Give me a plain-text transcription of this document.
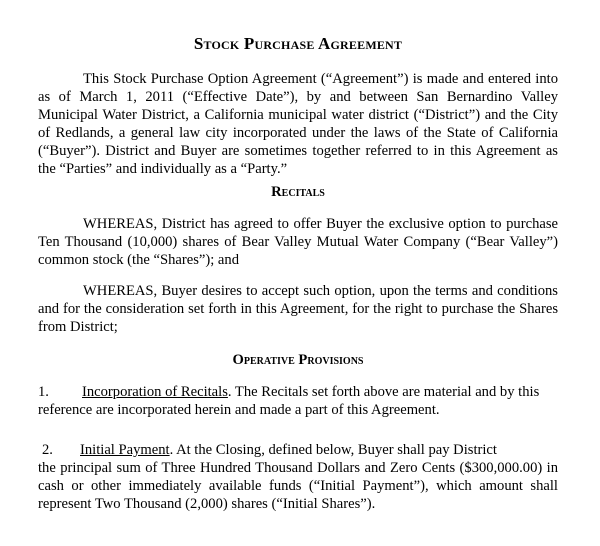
Stock Purchase Agreement

This Stock Purchase Option Agreement (“Agreement”) is made and entered into as of March 1, 2011 (“Effective Date”), by and between San Bernardino Valley Municipal Water District, a California municipal water district (“District”) and the City of Redlands, a general law city incorporated under the laws of the State of California (“Buyer”). District and Buyer are sometimes together referred to in this Agreement as the “Parties” and individually as a “Party.”

Recitals

WHEREAS, District has agreed to offer Buyer the exclusive option to purchase Ten Thousand (10,000) shares of Bear Valley Mutual Water Company (“Bear Valley”) common stock (the “Shares”); and

WHEREAS, Buyer desires to accept such option, upon the terms and conditions and for the consideration set forth in this Agreement, for the right to purchase the Shares from District;

Operative Provisions
1. Incorporation of Recitals. The Recitals set forth above are material and by this
reference are incorporated herein and made a part of this Agreement.
2. Initial Payment. At the Closing, defined below, Buyer shall pay District
the principal sum of Three Hundred Thousand Dollars and Zero Cents ($300,000.00) in cash or other immediately available funds (“Initial Payment”), which amount shall represent Two Thousand (2,000) shares (“Initial Shares”).
